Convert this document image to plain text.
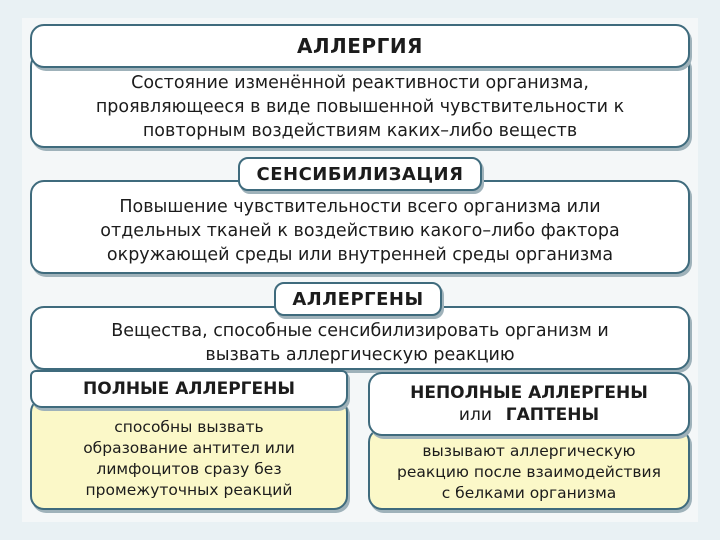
Состояние изменённой реактивности организма,
проявляющееся в виде повышенной чувствительности к
повторным воздействиям каких–либо веществ
АЛЛЕРГИЯ
Повышение чувствительности всего организма или
отдельных тканей к воздействию какого–либо фактора
окружающей среды или внутренней среды организма
СЕНСИБИЛИЗАЦИЯ
Вещества, способные сенсибилизировать организм и
вызвать аллергическую реакцию
АЛЛЕРГЕНЫ
способны вызвать
образование антител или
лимфоцитов сразу без
промежуточных реакций
ПОЛНЫЕ АЛЛЕРГЕНЫ
вызывают аллергическую
реакцию после взаимодействия
с белками организма
НЕПОЛНЫЕ АЛЛЕРГЕНЫ
или ГАПТЕНЫ
